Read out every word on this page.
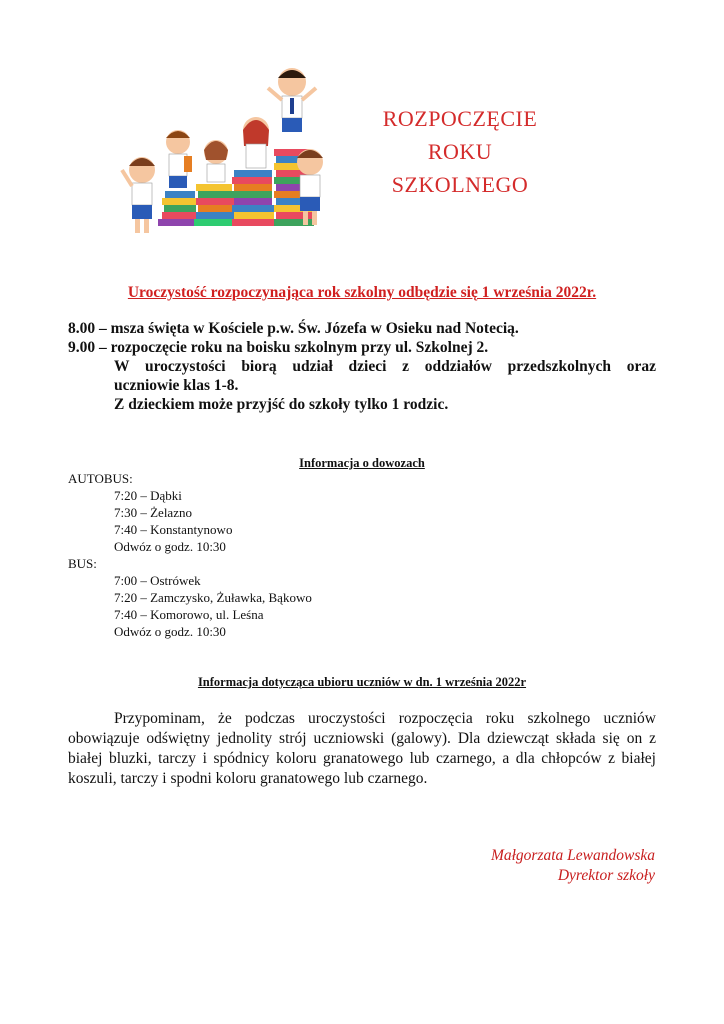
ROZPOCZĘCIE
ROKU
SZKOLNEGO
Uroczystość rozpoczynająca rok szkolny odbędzie się 1 września 2022r.
8.00 – msza święta w Kościele p.w. Św. Józefa w Osieku nad Notecią.
9.00 – rozpoczęcie roku na boisku szkolnym przy ul. Szkolnej 2.
W uroczystości biorą udział dzieci z oddziałów przedszkolnych oraz
uczniowie klas 1-8.
Z dzieckiem może przyjść do szkoły tylko 1 rodzic.
Informacja o dowozach
AUTOBUS:
7:20 – Dąbki
7:30 – Żelazno
7:40 – Konstantynowo
Odwóz o godz. 10:30
BUS:
7:00 – Ostrówek
7:20 – Zamczysko, Żuławka, Bąkowo
7:40 – Komorowo, ul. Leśna
Odwóz o godz. 10:30
Informacja dotycząca ubioru uczniów w dn. 1 września 2022r
Przypominam, że podczas uroczystości rozpoczęcia roku szkolnego uczniów obowiązuje odświętny jednolity strój uczniowski (galowy). Dla dziewcząt składa się on z białej bluzki, tarczy i spódnicy koloru granatowego lub czarnego, a dla chłopców z białej koszuli, tarczy i spodni koloru granatowego lub czarnego.
Małgorzata Lewandowska
Dyrektor szkoły
